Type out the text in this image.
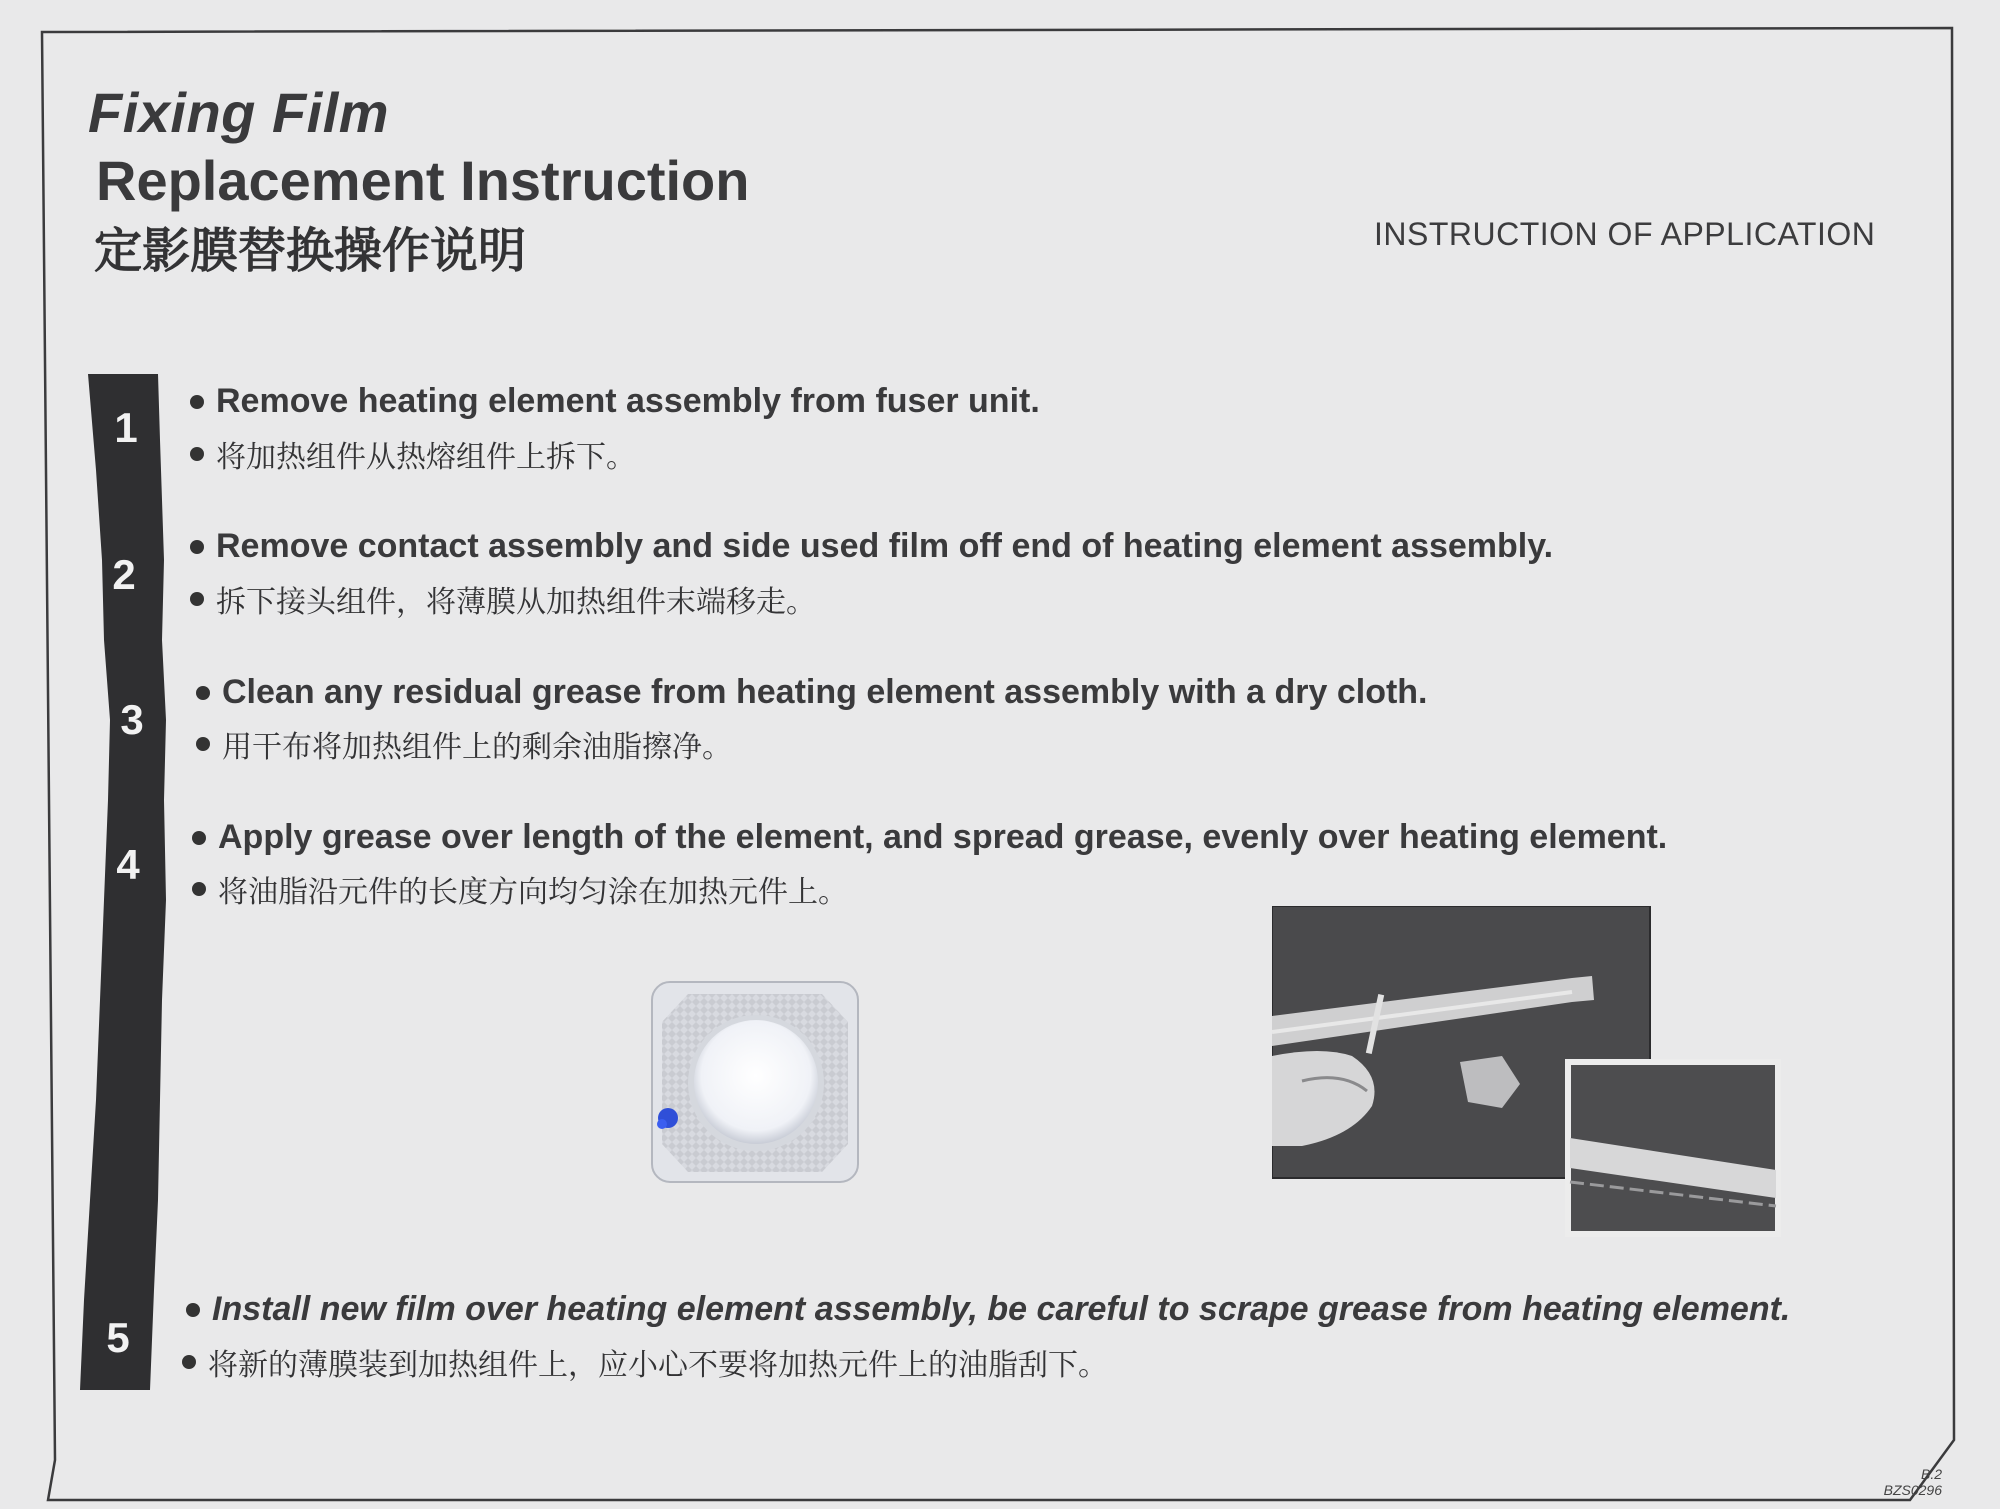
Fixing Film
Replacement Instruction
定影膜替换操作说明	INSTRUCTION OF APPLICATION
1
2
3
4
5
Remove heating element assembly from fuser unit.
将加热组件从热熔组件上拆下。
Remove contact assembly and side used film off end of heating element assembly.
拆下接头组件，将薄膜从加热组件末端移走。
Clean any residual grease from heating element assembly with a dry cloth.
用干布将加热组件上的剩余油脂擦净。
Apply grease over length of the element, and spread grease, evenly over heating element.
将油脂沿元件的长度方向均匀涂在加热元件上。
Install new film over heating element assembly, be careful to scrape grease from heating element.
将新的薄膜装到加热组件上，应小心不要将加热元件上的油脂刮下。
B.2
BZS0296
